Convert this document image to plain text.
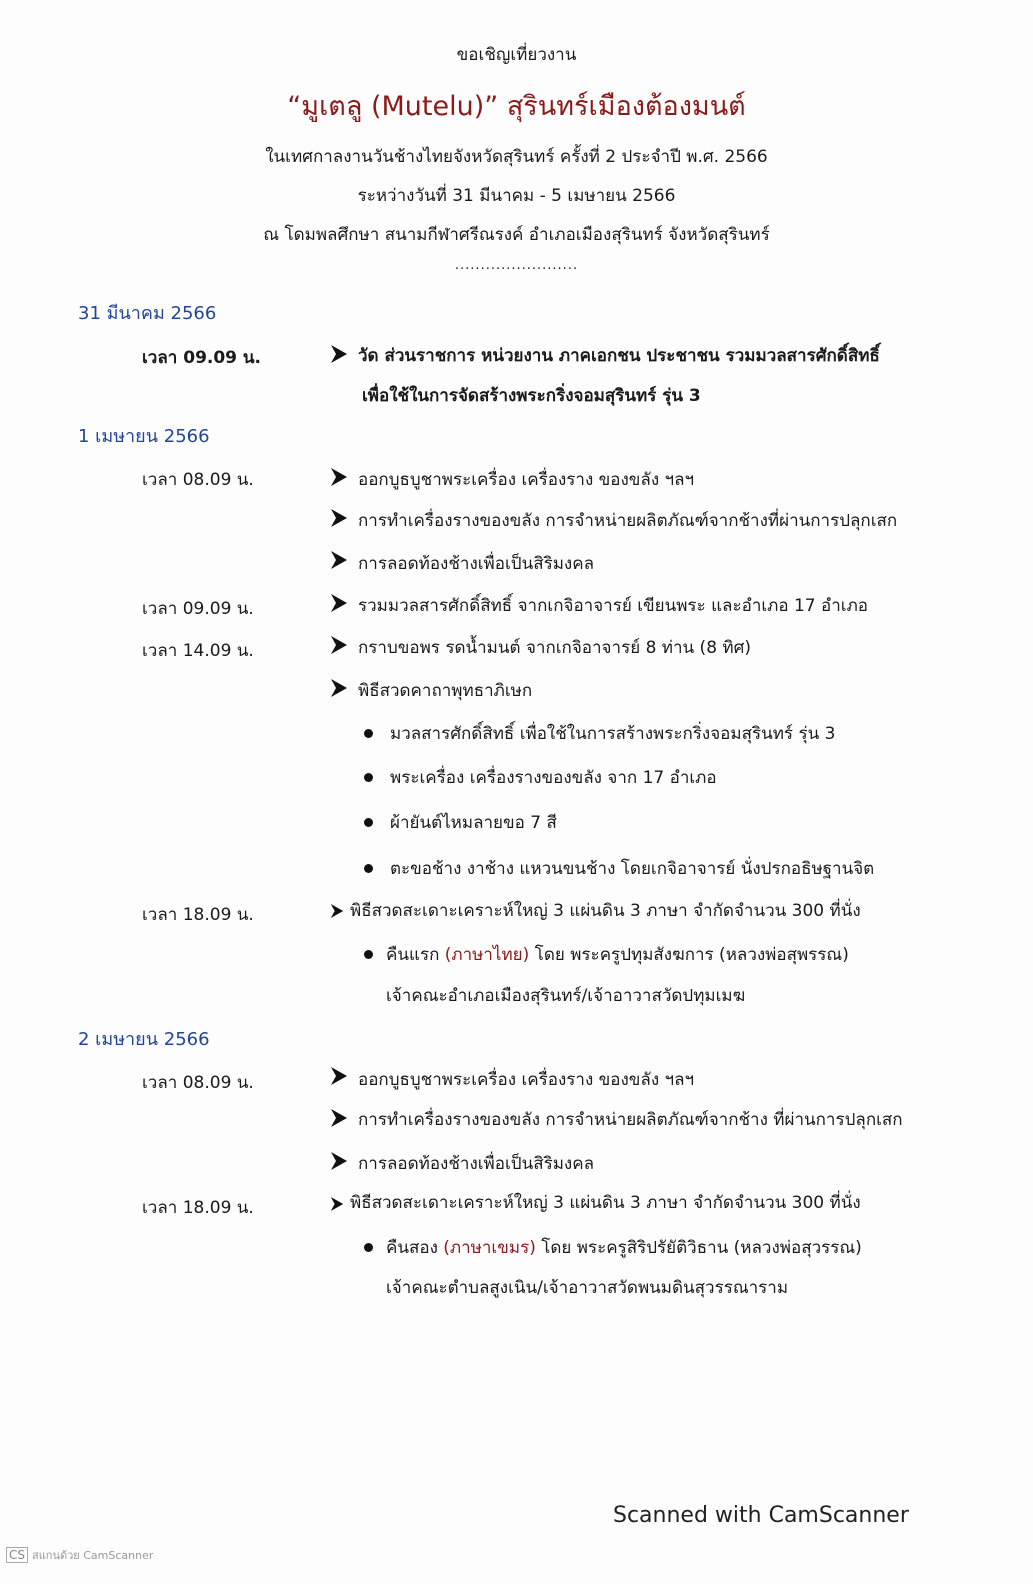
ขอเชิญเที่ยวงาน
“มูเตลู (Mutelu)” สุรินทร์เมืองต้องมนต์
ในเทศกาลงานวันช้างไทยจังหวัดสุรินทร์ ครั้งที่ 2 ประจำปี พ.ศ. 2566
ระหว่างวันที่ 31 มีนาคม - 5 เมษายน 2566
ณ โดมพลศึกษา สนามกีฬาศรีณรงค์ อำเภอเมืองสุรินทร์ จังหวัดสุรินทร์
........................
31 มีนาคม 2566
เวลา 09.09 น.	วัด ส่วนราชการ หน่วยงาน ภาคเอกชน ประชาชน รวมมวลสารศักดิ์สิทธิ์
เพื่อใช้ในการจัดสร้างพระกริ่งจอมสุรินทร์ รุ่น 3
1 เมษายน 2566
เวลา 08.09 น.	ออกบูธบูชาพระเครื่อง เครื่องราง ของขลัง ฯลฯ
การทำเครื่องรางของขลัง การจำหน่ายผลิตภัณฑ์จากช้างที่ผ่านการปลุกเสก
การลอดท้องช้างเพื่อเป็นสิริมงคล
เวลา 09.09 น.	รวมมวลสารศักดิ์สิทธิ์ จากเกจิอาจารย์ เขียนพระ และอำเภอ 17 อำเภอ
เวลา 14.09 น.	กราบขอพร รดน้ำมนต์ จากเกจิอาจารย์ 8 ท่าน (8 ทิศ)
พิธีสวดคาถาพุทธาภิเษก
มวลสารศักดิ์สิทธิ์ เพื่อใช้ในการสร้างพระกริ่งจอมสุรินทร์ รุ่น 3
พระเครื่อง เครื่องรางของขลัง จาก 17 อำเภอ
ผ้ายันต์ไหมลายขอ 7 สี
ตะขอช้าง งาช้าง แหวนขนช้าง โดยเกจิอาจารย์ นั่งปรกอธิษฐานจิต
เวลา 18.09 น.	พิธีสวดสะเดาะเคราะห์ใหญ่ 3 แผ่นดิน 3 ภาษา จำกัดจำนวน 300 ที่นั่ง
คืนแรก (ภาษาไทย) โดย พระครูปทุมสังฆการ (หลวงพ่อสุพรรณ)
เจ้าคณะอำเภอเมืองสุรินทร์/เจ้าอาวาสวัดปทุมเมฆ
2 เมษายน 2566
เวลา 08.09 น.	ออกบูธบูชาพระเครื่อง เครื่องราง ของขลัง ฯลฯ
การทำเครื่องรางของขลัง การจำหน่ายผลิตภัณฑ์จากช้าง ที่ผ่านการปลุกเสก
การลอดท้องช้างเพื่อเป็นสิริมงคล
เวลา 18.09 น.	พิธีสวดสะเดาะเคราะห์ใหญ่ 3 แผ่นดิน 3 ภาษา จำกัดจำนวน 300 ที่นั่ง
คืนสอง (ภาษาเขมร) โดย พระครูสิริปรัยัติวิธาน (หลวงพ่อสุวรรณ)
เจ้าคณะตำบลสูงเนิน/เจ้าอาวาสวัดพนมดินสุวรรณาราม
Scanned with CamScanner
CS สแกนด้วย CamScanner
